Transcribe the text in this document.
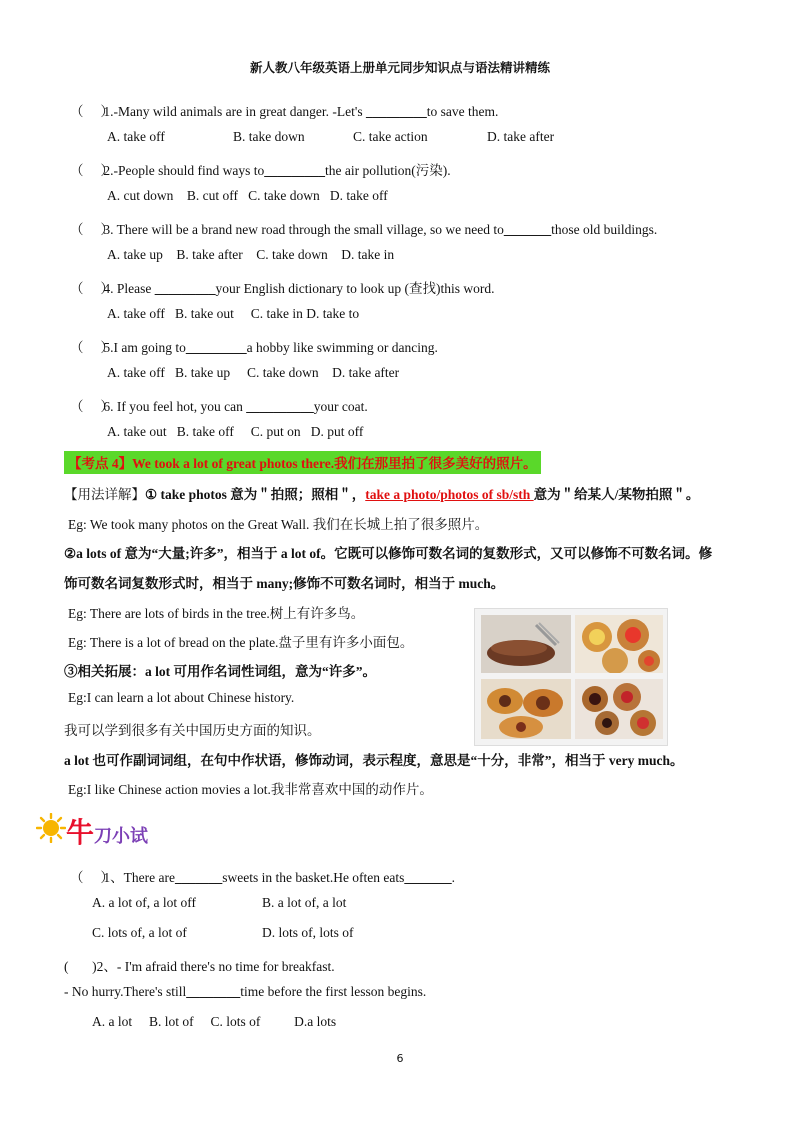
新人教八年级英语上册单元同步知识点与语法精讲精练
（　 ） 1.-Many wild animals are in great danger. -Let's _________to save them.
A. take off	B. take down	C. take action	D. take after
（　 ） 2.-People should find ways to_________the air pollution(污染).
A. cut down    B. cut off   C. take down   D. take off
（　 ） 3. There will be a brand new road through the small village, so we need to_______those old buildings.
A. take up    B. take after    C. take down    D. take in
（　 ） 4. Please _________your English dictionary to look up (查找)this word.
A. take off   B. take out     C. take in D. take to
（　 ） 5.I am going to_________a hobby like swimming or dancing.
A. take off   B. take up     C. take down    D. take after
（　 ） 6. If you feel hot, you can __________your coat.
A. take out   B. take off     C. put on   D. put off
【考点 4】We took a lot of great photos there.我们在那里拍了很多美好的照片。
【用法详解】① take photos 意为＂拍照；照相＂，take a photo/photos of sb/sth 意为＂给某人/某物拍照＂。
Eg: We took many photos on the Great Wall. 我们在长城上拍了很多照片。
②a lots of 意为“大量;许多”，相当于 a lot of。它既可以修饰可数名词的复数形式，又可以修饰不可数名词。修
饰可数名词复数形式时，相当于 many;修饰不可数名词时，相当于 much。
Eg: There are lots of birds in the tree.树上有许多鸟。
Eg: There is a lot of bread on the plate.盘子里有许多小面包。
③相关拓展：a lot 可用作名词性词组，意为“许多”。
Eg:I can learn a lot about Chinese history.
我可以学到很多有关中国历史方面的知识。
a lot 也可作副词词组，在句中作状语，修饰动词，表示程度，意思是“十分，非常”，相当于 very much。
Eg:I like Chinese action movies a lot.我非常喜欢中国的动作片。
牛刀小试
（　 ） 1、There are_______sweets in the basket.He often eats_______.
A. a lot of, a lot off	B. a lot of, a lot
C. lots of, a lot of	D. lots of, lots of
(       )2、- I'm afraid there's no time for breakfast.
- No hurry.There's still________time before the first lesson begins.
A. a lot     B. lot of     C. lots of          D.a lots
6
